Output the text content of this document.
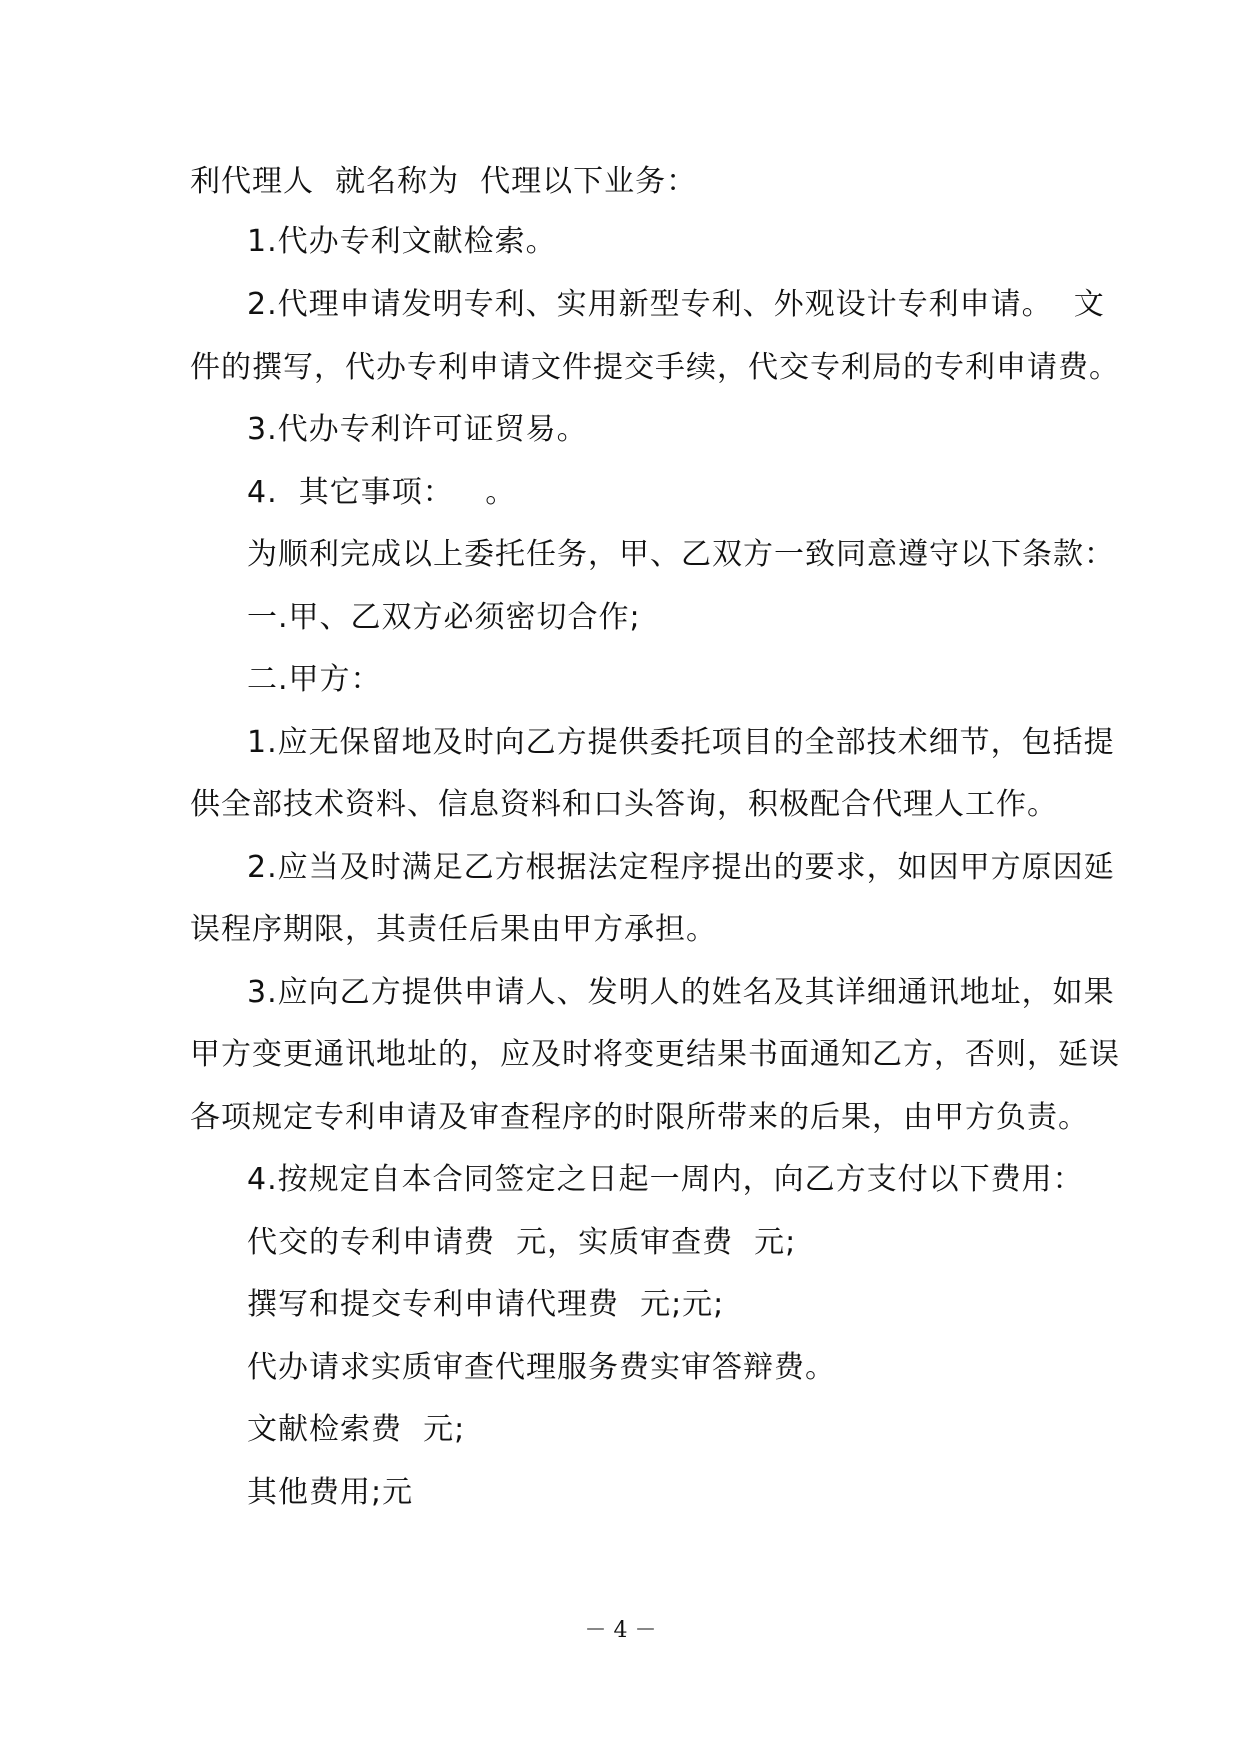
利代理人  就名称为  代理以下业务：
1.代办专利文献检索。
2.代理申请发明专利、实用新型专利、外观设计专利申请。  文
件的撰写，代办专利申请文件提交手续，代交专利局的专利申请费。
3.代办专利许可证贸易。
4.  其它事项：   。
为顺利完成以上委托任务，甲、乙双方一致同意遵守以下条款：
一.甲、乙双方必须密切合作;
二.甲方：
1.应无保留地及时向乙方提供委托项目的全部技术细节，包括提
供全部技术资料、信息资料和口头答询，积极配合代理人工作。
2.应当及时满足乙方根据法定程序提出的要求，如因甲方原因延
误程序期限，其责任后果由甲方承担。
3.应向乙方提供申请人、发明人的姓名及其详细通讯地址，如果
甲方变更通讯地址的，应及时将变更结果书面通知乙方，否则，延误
各项规定专利申请及审查程序的时限所带来的后果，由甲方负责。
4.按规定自本合同签定之日起一周内，向乙方支付以下费用：
代交的专利申请费  元，实质审查费  元;
撰写和提交专利申请代理费  元;元;
代办请求实质审查代理服务费实审答辩费。
文献检索费  元;
其他费用;元
－ 4 －
